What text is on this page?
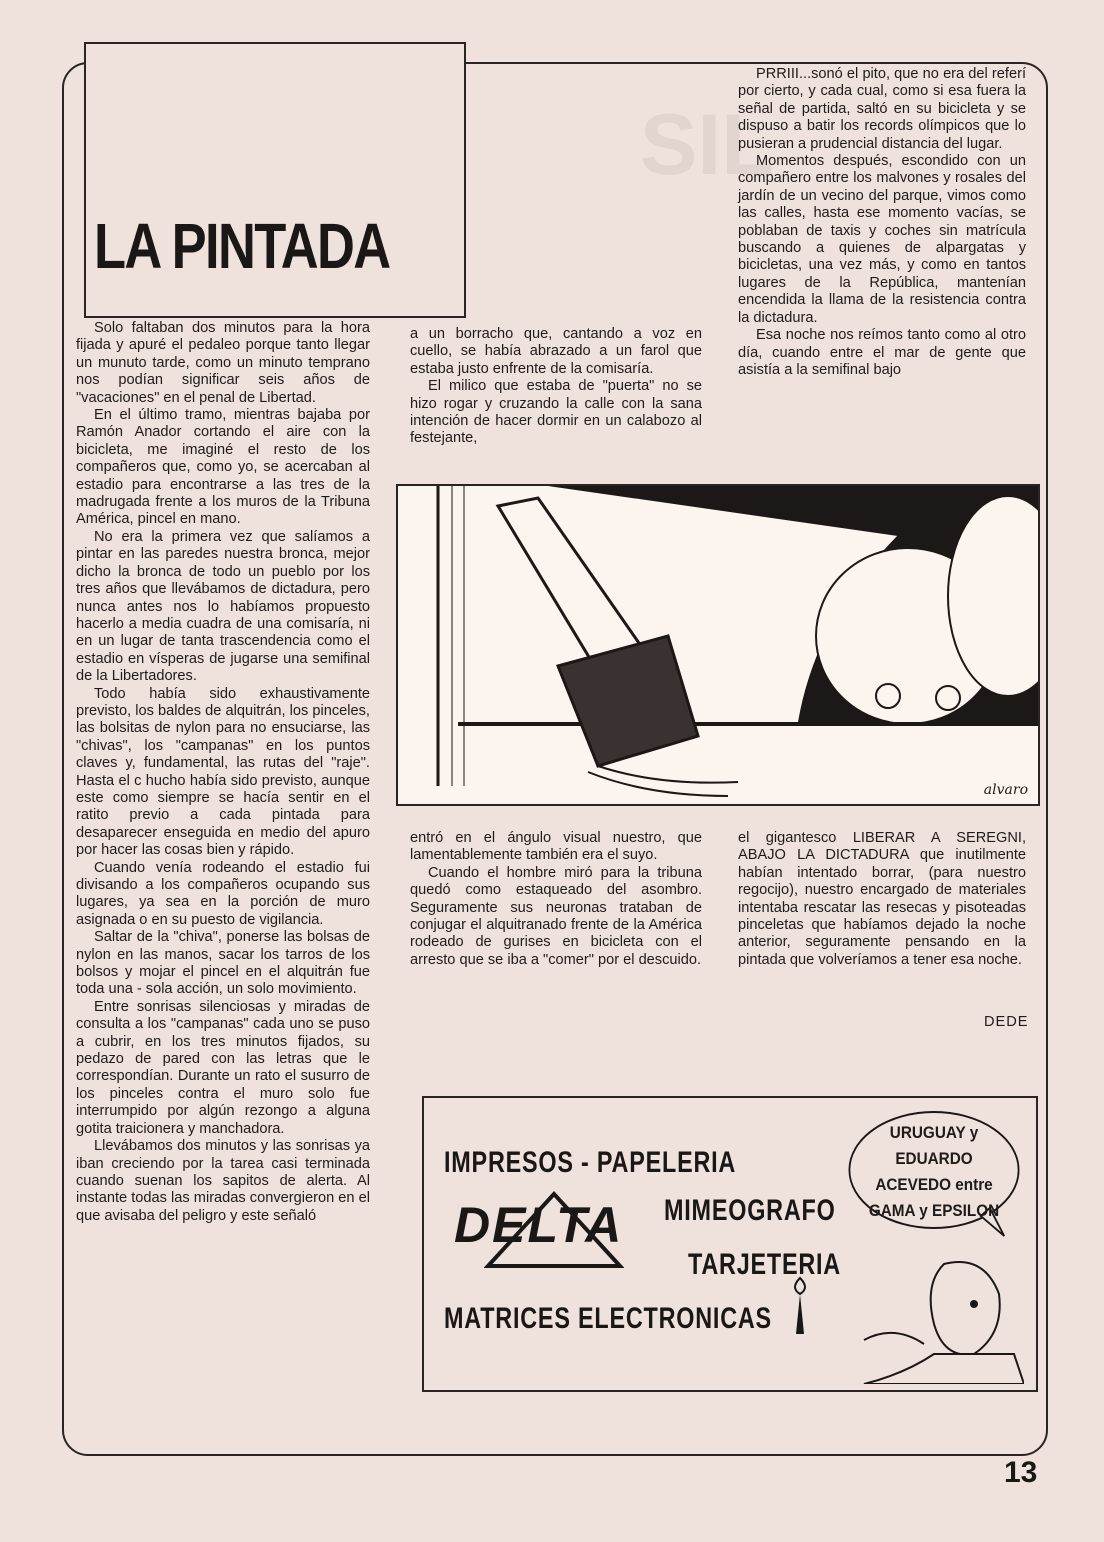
SIL
LA PINTADA

Solo faltaban dos minutos para la hora fijada y apuré el pedaleo porque tanto llegar un munuto tarde, como un minuto temprano nos podían significar seis años de "vacaciones" en el penal de Libertad.

En el último tramo, mientras bajaba por Ramón Anador cortando el aire con la bicicleta, me imaginé el resto de los compañeros que, como yo, se acercaban al estadio para encontrarse a las tres de la madrugada frente a los muros de la Tribuna América, pincel en mano.

No era la primera vez que salíamos a pintar en las paredes nuestra bronca, mejor dicho la bronca de todo un pueblo por los tres años que llevábamos de dictadura, pero nunca antes nos lo habíamos propuesto hacerlo a media cuadra de una comisaría, ni en un lugar de tanta trascendencia como el estadio en vísperas de jugarse una semifinal de la Libertadores.

Todo había sido exhaustivamente previsto, los baldes de alquitrán, los pinceles, las bolsitas de nylon para no ensuciarse, las "chivas", los "campanas" en los puntos claves y, fundamental, las rutas del "raje". Hasta el c hucho había sido previsto, aunque este como siempre se hacía sentir en el ratito previo a cada pintada para desaparecer enseguida en medio del apuro por hacer las cosas bien y rápido.

Cuando venía rodeando el estadio fui divisando a los compañeros ocupando sus lugares, ya sea en la porción de muro asignada o en su puesto de vigilancia.

Saltar de la "chiva", ponerse las bolsas de nylon en las manos, sacar los tarros de los bolsos y mojar el pincel en el alquitrán fue toda una - sola acción, un solo movimiento.

Entre sonrisas silenciosas y miradas de consulta a los "campanas" cada uno se puso a cubrir, en los tres minutos fijados, su pedazo de pared con las letras que le correspondían. Durante un rato el susurro de los pinceles contra el muro solo fue interrumpido por algún rezongo a alguna gotita traicionera y manchadora.

Llevábamos dos minutos y las sonrisas ya iban creciendo por la tarea casi terminada cuando suenan los sapitos de alerta. Al instante todas las miradas convergieron en el que avisaba del peligro y este señaló

a un borracho que, cantando a voz en cuello, se había abrazado a un farol que estaba justo enfrente de la comisaría.

El milico que estaba de "puerta" no se hizo rogar y cruzando la calle con la sana intención de hacer dormir en un calabozo al festejante,

PRRIII...sonó el pito, que no era del referí por cierto, y cada cual, como si esa fuera la señal de partida, saltó en su bicicleta y se dispuso a batir los records olímpicos que lo pusieran a prudencial distancia del lugar.

Momentos después, escondido con un compañero entre los malvones y rosales del jardín de un vecino del parque, vimos como las calles, hasta ese momento vacías, se poblaban de taxis y coches sin matrícula buscando a quienes de alpargatas y bicicletas, una vez más, y como en tantos lugares de la República, mantenían encendida la llama de la resistencia contra la dictadura.

Esa noche nos reímos tanto como al otro día, cuando entre el mar de gente que asistía a la semifinal bajo

alvaro

entró en el ángulo visual nuestro, que lamentablemente también era el suyo.

Cuando el hombre miró para la tribuna quedó como estaqueado del asombro. Seguramente sus neuronas trataban de conjugar el alquitranado frente de la América rodeado de gurises en bicicleta con el arresto que se iba a "comer" por el descuido.

el gigantesco LIBERAR A SEREGNI, ABAJO LA DICTADURA que inutilmente habían intentado borrar, (para nuestro regocijo), nuestro encargado de materiales intentaba rescatar las resecas y pisoteadas pinceletas que habíamos dejado la noche anterior, seguramente pensando en la pintada que volveríamos a tener esa noche.

DEDE
IMPRESOS - PAPELERIA
MIMEOGRAFO
TARJETERIA
MATRICES ELECTRONICAS
DELTA
URUGUAY y
EDUARDO
ACEVEDO entre
GAMA y EPSILON
13
